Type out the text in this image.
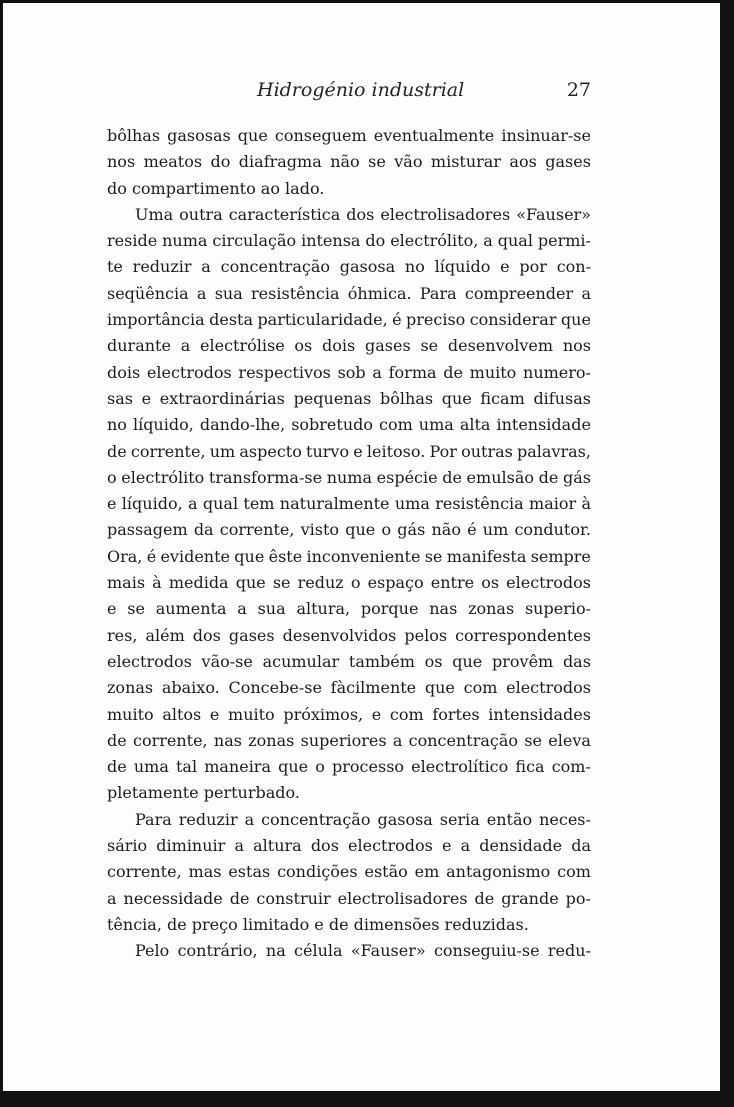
Hidrogénio industrial	27
bôlhas gasosas que conseguem eventualmente insinuar-se
nos meatos do diafragma não se vão misturar aos gases
do compartimento ao lado.
Uma outra característica dos electrolisadores «Fauser»
reside numa circulação intensa do electrólito, a qual permi-
te reduzir a concentração gasosa no líquido e por con-
seqüência a sua resistência óhmica. Para compreender a
importância desta particularidade, é preciso considerar que
durante a electrólise os dois gases se desenvolvem nos
dois electrodos respectivos sob a forma de muito numero-
sas e extraordinárias pequenas bôlhas que ficam difusas
no líquido, dando-lhe, sobretudo com uma alta intensidade
de corrente, um aspecto turvo e leitoso. Por outras palavras,
o electrólito transforma-se numa espécie de emulsão de gás
e líquido, a qual tem naturalmente uma resistência maior à
passagem da corrente, visto que o gás não é um condutor.
Ora, é evidente que êste inconveniente se manifesta sempre
mais à medida que se reduz o espaço entre os electrodos
e se aumenta a sua altura, porque nas zonas superio-
res, além dos gases desenvolvidos pelos correspondentes
electrodos vão-se acumular também os que provêm das
zonas abaixo. Concebe-se fàcilmente que com electrodos
muito altos e muito próximos, e com fortes intensidades
de corrente, nas zonas superiores a concentração se eleva
de uma tal maneira que o processo electrolítico fica com-
pletamente perturbado.
Para reduzir a concentração gasosa seria então neces-
sário diminuir a altura dos electrodos e a densidade da
corrente, mas estas condições estão em antagonismo com
a necessidade de construir electrolisadores de grande po-
tência, de preço limitado e de dimensões reduzidas.
Pelo contrário, na célula «Fauser» conseguiu-se redu-
